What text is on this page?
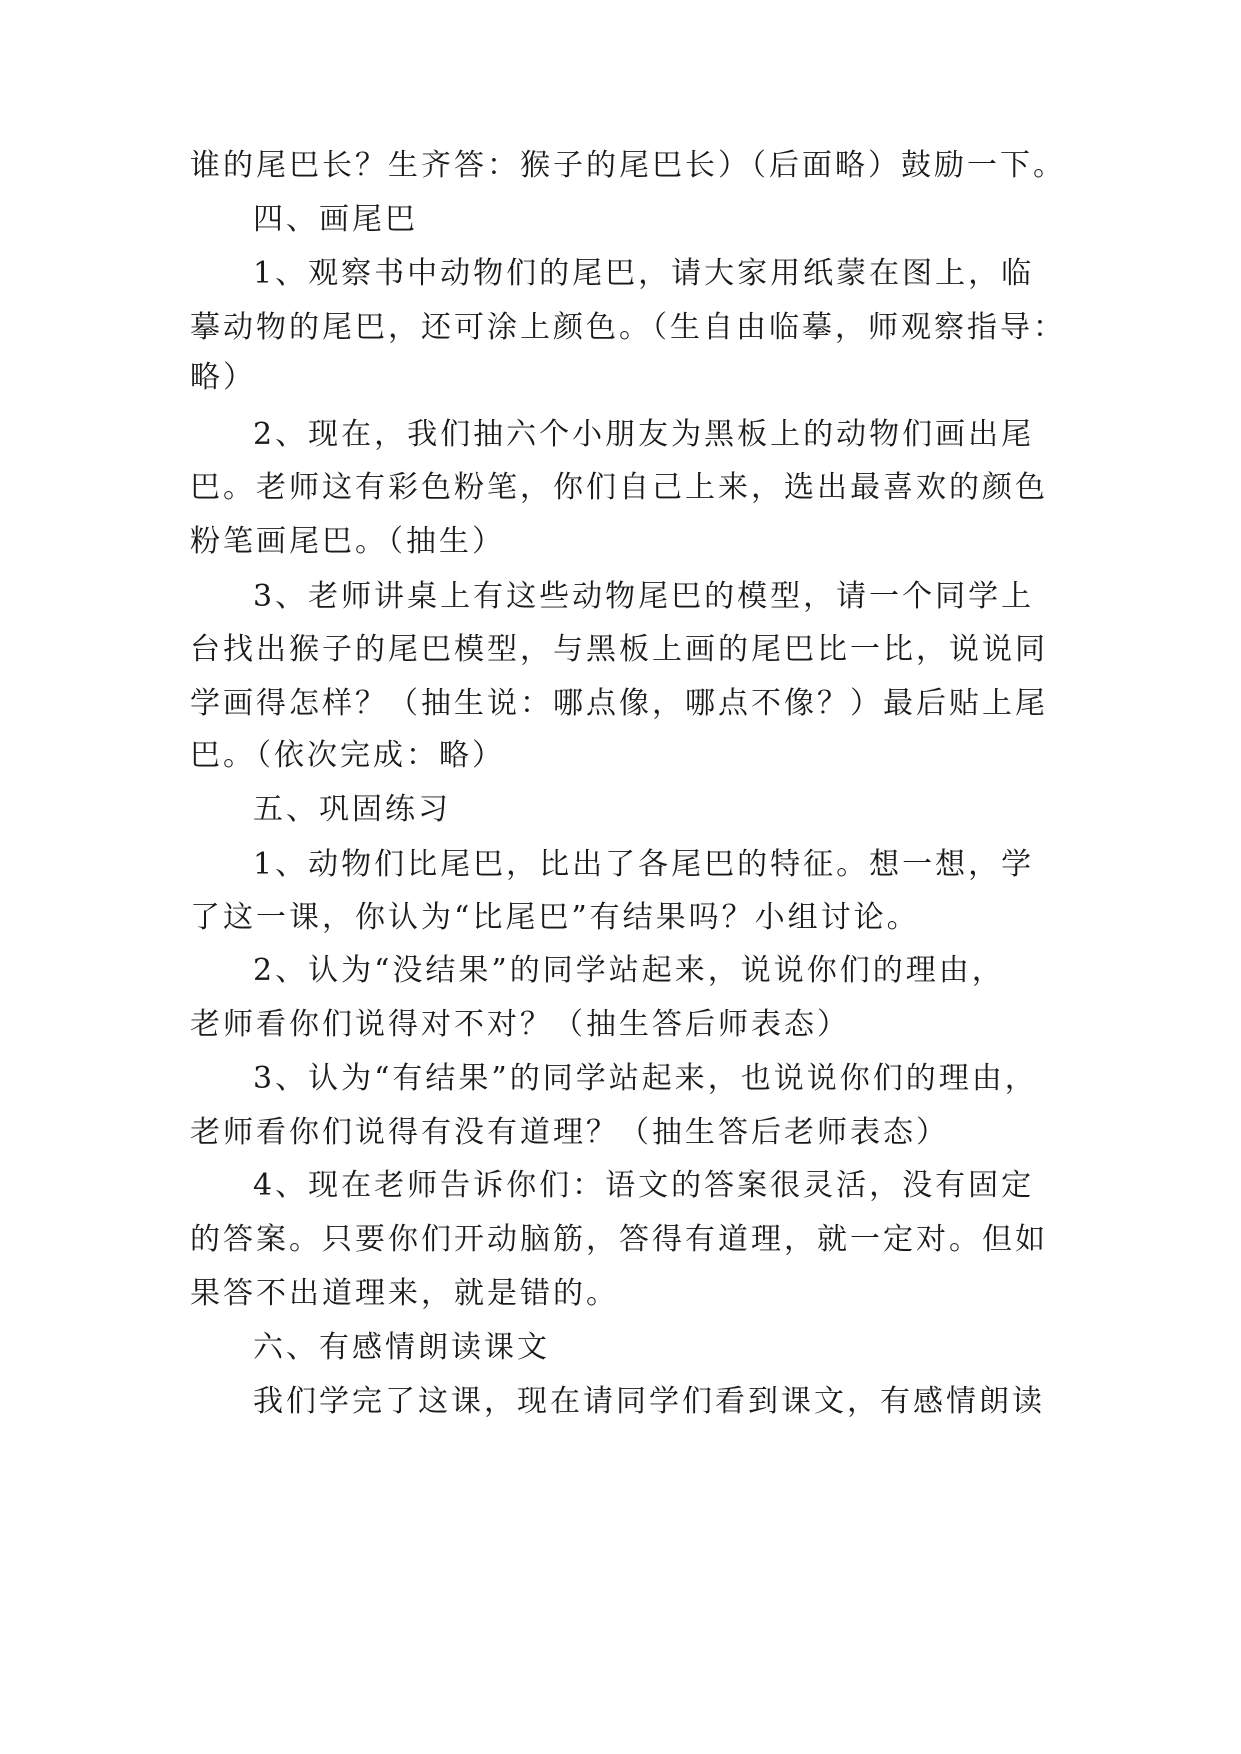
谁的尾巴长？生齐答：猴子的尾巴长）（后面略）鼓励一下。
四、画尾巴
1、观察书中动物们的尾巴，请大家用纸蒙在图上，临
摹动物的尾巴，还可涂上颜色。（生自由临摹，师观察指导：
略）
2、现在，我们抽六个小朋友为黑板上的动物们画出尾
巴。老师这有彩色粉笔，你们自己上来，选出最喜欢的颜色
粉笔画尾巴。（抽生）
3、老师讲桌上有这些动物尾巴的模型，请一个同学上
台找出猴子的尾巴模型，与黑板上画的尾巴比一比，说说同
学画得怎样？（抽生说：哪点像，哪点不像？）最后贴上尾
巴。（依次完成：略）
五、巩固练习
1、动物们比尾巴，比出了各尾巴的特征。想一想，学
了这一课，你认为“比尾巴”有结果吗？小组讨论。
2、认为“没结果”的同学站起来，说说你们的理由，
老师看你们说得对不对？（抽生答后师表态）
3、认为“有结果”的同学站起来，也说说你们的理由，
老师看你们说得有没有道理？（抽生答后老师表态）
4、现在老师告诉你们：语文的答案很灵活，没有固定
的答案。只要你们开动脑筋，答得有道理，就一定对。但如
果答不出道理来，就是错的。
六、有感情朗读课文
我们学完了这课，现在请同学们看到课文，有感情朗读
